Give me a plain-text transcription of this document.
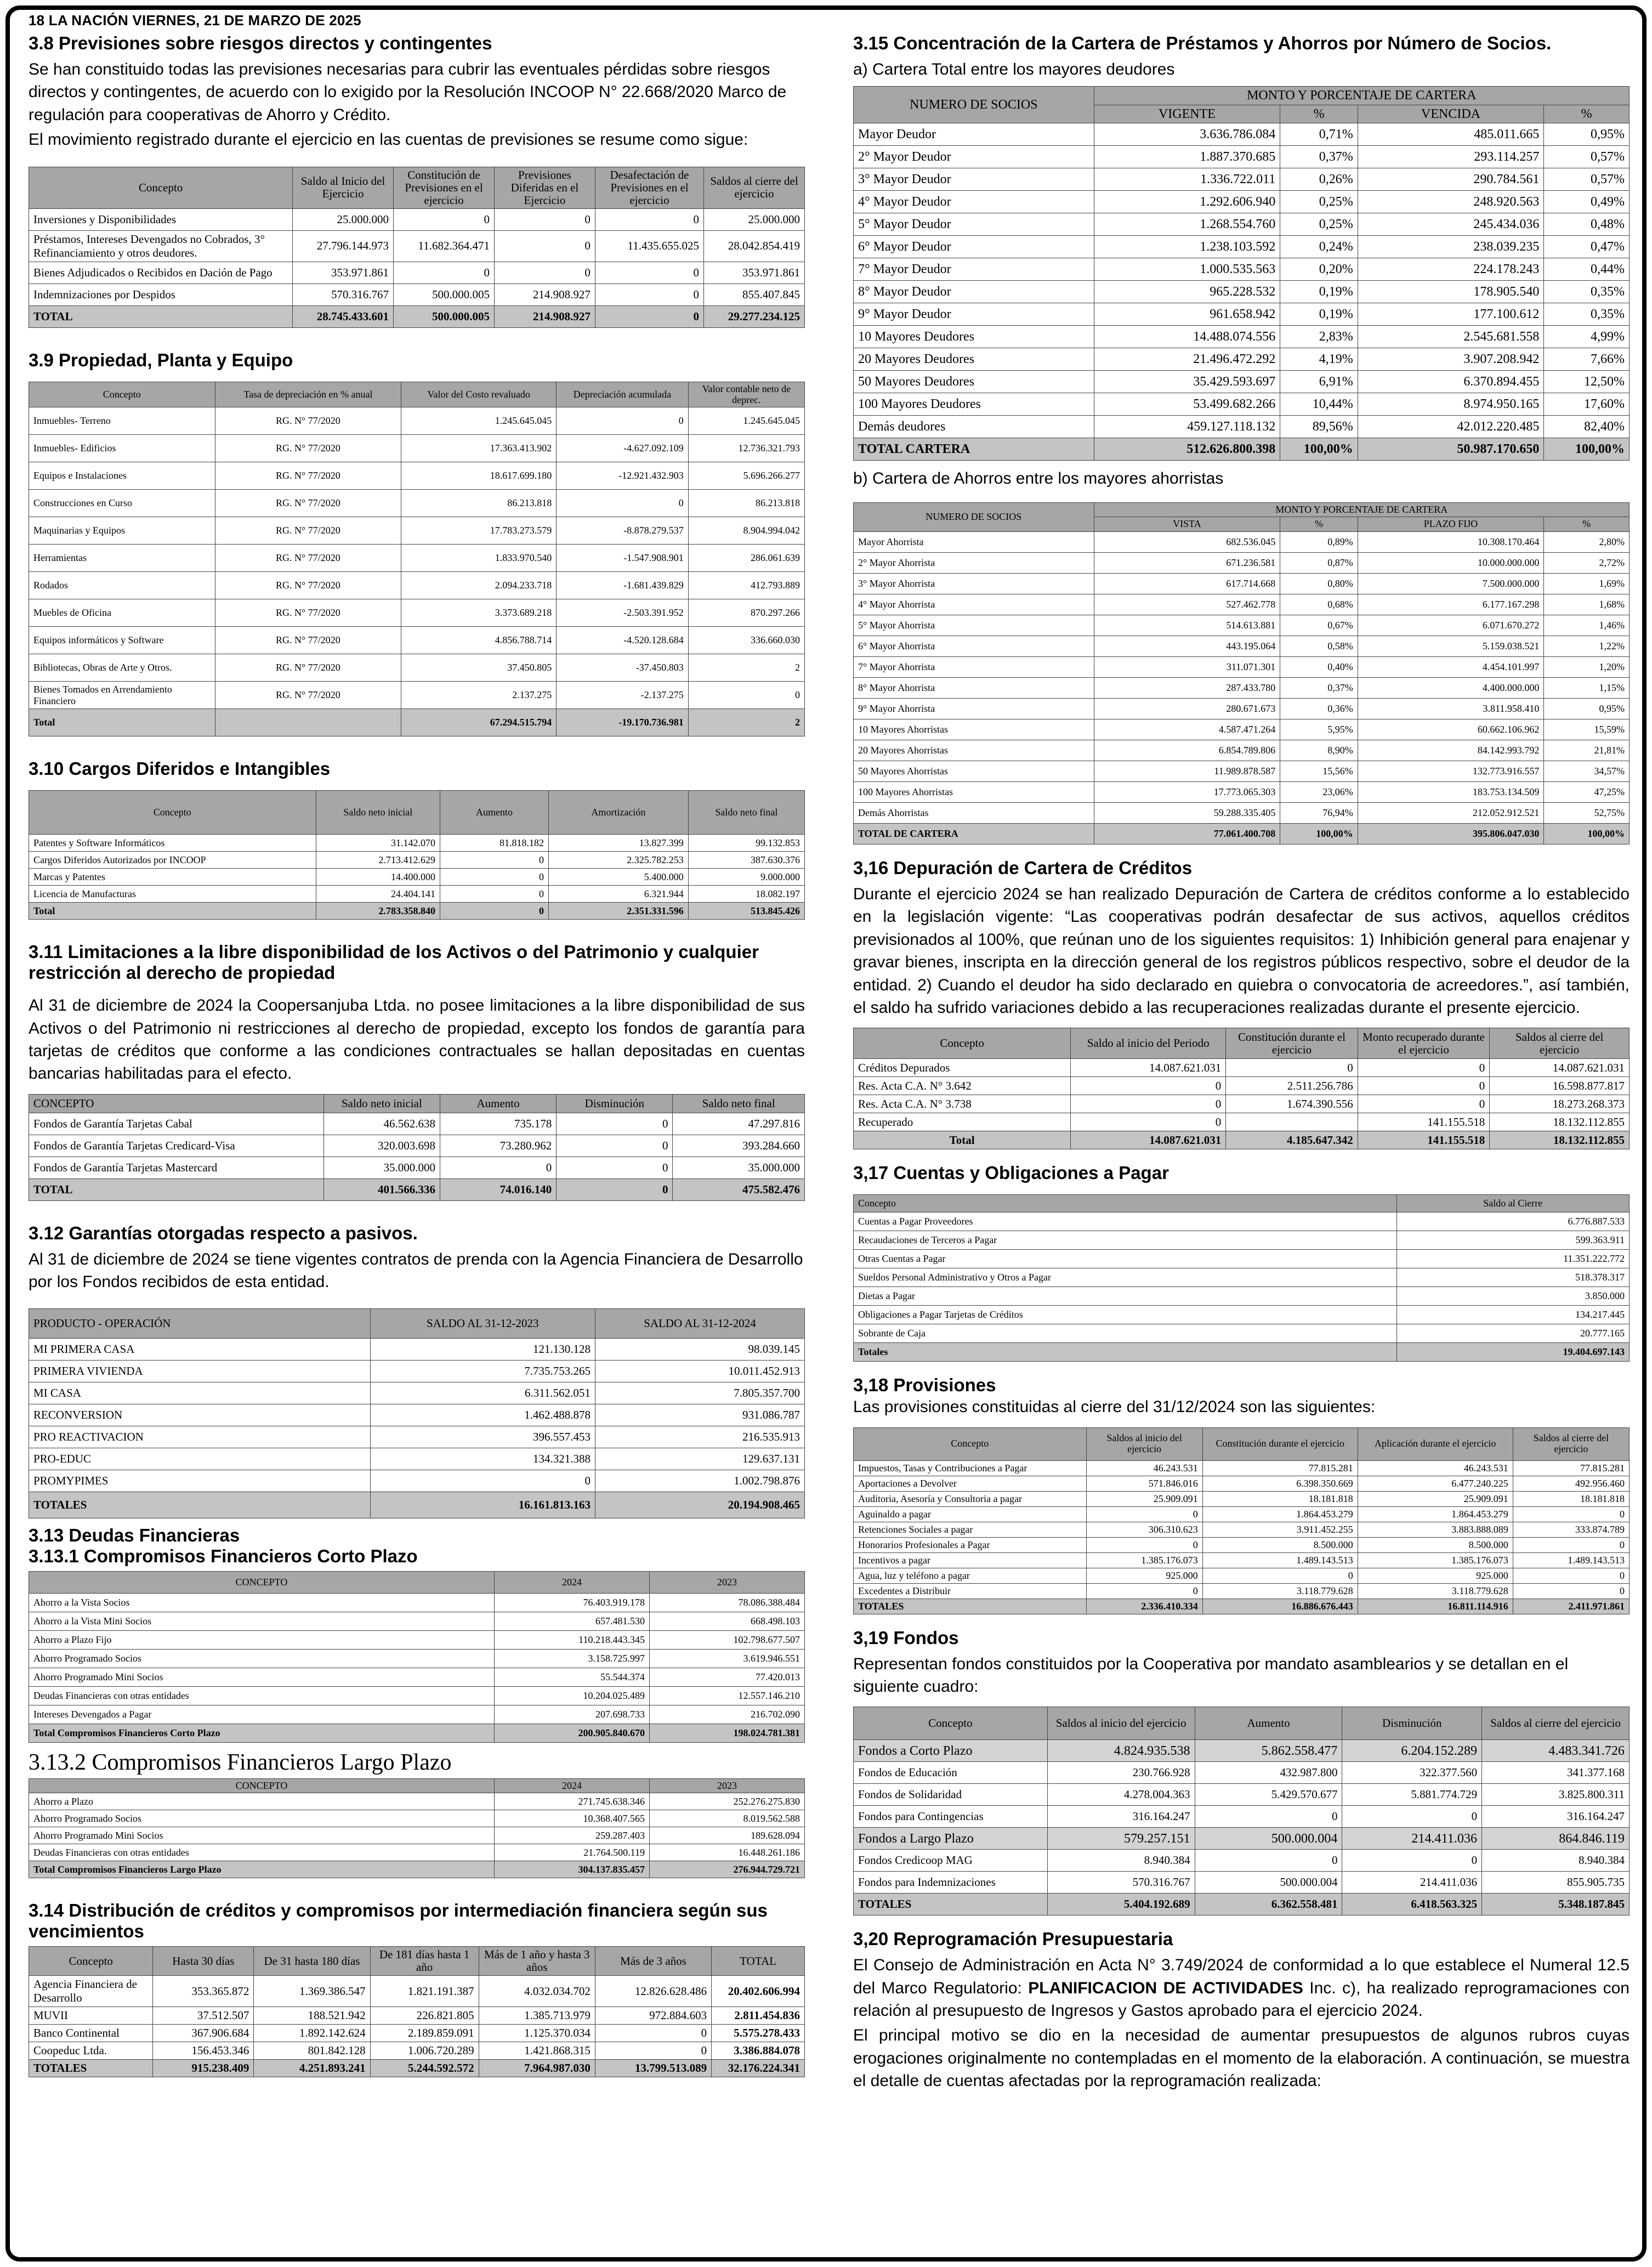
18 LA NACIÓN VIERNES, 21 DE MARZO DE 2025
3.8 Previsiones sobre riesgos directos y contingentes

Se han constituido todas las previsiones necesarias para cubrir las eventuales pérdidas sobre riesgos directos y contingentes, de acuerdo con lo exigido por la Resolución INCOOP N° 22.668/2020 Marco de regulación para cooperativas de Ahorro y Crédito.

El movimiento registrado durante el ejercicio en las cuentas de previsiones se resume como sigue:

Concepto	Saldo al Inicio del Ejercicio	Constitución de Previsiones en el ejercicio	Previsiones Diferidas en el Ejercicio	Desafectación de Previsiones en el ejercicio	Saldos al cierre del ejercicio
Inversiones y Disponibilidades	25.000.000	0	0	0	25.000.000
Préstamos, Intereses Devengados no Cobrados, 3° Refinanciamiento y otros deudores.	27.796.144.973	11.682.364.471	0	11.435.655.025	28.042.854.419
Bienes Adjudicados o Recibidos en Dación de Pago	353.971.861	0	0	0	353.971.861
Indemnizaciones por Despidos	570.316.767	500.000.005	214.908.927	0	855.407.845
TOTAL	28.745.433.601	500.000.005	214.908.927	0	29.277.234.125
3.9 Propiedad, Planta y Equipo
Concepto	Tasa de depreciación en % anual	Valor del Costo revaluado	Depreciación acumulada	Valor contable neto de deprec.
Inmuebles- Terreno	RG. N° 77/2020	1.245.645.045	0	1.245.645.045
Inmuebles- Edificios	RG. N° 77/2020	17.363.413.902	-4.627.092.109	12.736.321.793
Equipos e Instalaciones	RG. N° 77/2020	18.617.699.180	-12.921.432.903	5.696.266.277
Construcciones en Curso	RG. N° 77/2020	86.213.818	0	86.213.818
Maquinarias y Equipos	RG. N° 77/2020	17.783.273.579	-8.878.279.537	8.904.994.042
Herramientas	RG. N° 77/2020	1.833.970.540	-1.547.908.901	286.061.639
Rodados	RG. N° 77/2020	2.094.233.718	-1.681.439.829	412.793.889
Muebles de Oficina	RG. N° 77/2020	3.373.689.218	-2.503.391.952	870.297.266
Equipos informáticos y Software	RG. N° 77/2020	4.856.788.714	-4.520.128.684	336.660.030
Bibliotecas, Obras de Arte y Otros.	RG. N° 77/2020	37.450.805	-37.450.803	2
Bienes Tomados en Arrendamiento Financiero	RG. N° 77/2020	2.137.275	-2.137.275	0
Total		67.294.515.794	-19.170.736.981	2
3.10 Cargos Diferidos e Intangibles
Concepto	Saldo neto inicial	Aumento	Amortización	Saldo neto final
Patentes y Software Informáticos	31.142.070	81.818.182	13.827.399	99.132.853
Cargos Diferidos Autorizados por INCOOP	2.713.412.629	0	2.325.782.253	387.630.376
Marcas y Patentes	14.400.000	0	5.400.000	9.000.000
Licencia de Manufacturas	24.404.141	0	6.321.944	18.082.197
Total	2.783.358.840	0	2.351.331.596	513.845.426
3.11 Limitaciones a la libre disponibilidad de los Activos o del Patrimonio y cualquier restricción al derecho de propiedad

Al 31 de diciembre de 2024 la Coopersanjuba Ltda. no posee limitaciones a la libre disponibilidad de sus Activos o del Patrimonio ni restricciones al derecho de propiedad, excepto los fondos de garantía para tarjetas de créditos que conforme a las condiciones contractuales se hallan depositadas en cuentas bancarias habilitadas para el efecto.

CONCEPTO	Saldo neto inicial	Aumento	Disminución	Saldo neto final
Fondos de Garantía Tarjetas Cabal	46.562.638	735.178	0	47.297.816
Fondos de Garantía Tarjetas Credicard-Visa	320.003.698	73.280.962	0	393.284.660
Fondos de Garantía Tarjetas Mastercard	35.000.000	0	0	35.000.000
TOTAL	401.566.336	74.016.140	0	475.582.476
3.12 Garantías otorgadas respecto a pasivos.

Al 31 de diciembre de 2024 se tiene vigentes contratos de prenda con la Agencia Financiera de Desarrollo por los Fondos recibidos de esta entidad.

PRODUCTO - OPERACIÓN	SALDO AL 31-12-2023	SALDO AL 31-12-2024
MI PRIMERA CASA	121.130.128	98.039.145
PRIMERA VIVIENDA	7.735.753.265	10.011.452.913
MI CASA	6.311.562.051	7.805.357.700
RECONVERSION	1.462.488.878	931.086.787
PRO REACTIVACION	396.557.453	216.535.913
PRO-EDUC	134.321.388	129.637.131
PROMYPIMES	0	1.002.798.876
TOTALES	16.161.813.163	20.194.908.465
3.13 Deudas Financieras
3.13.1 Compromisos Financieros Corto Plazo
CONCEPTO	2024	2023
Ahorro a la Vista Socios	76.403.919.178	78.086.388.484
Ahorro a la Vista Mini Socios	657.481.530	668.498.103
Ahorro a Plazo Fijo	110.218.443.345	102.798.677.507
Ahorro Programado Socios	3.158.725.997	3.619.946.551
Ahorro Programado Mini Socios	55.544.374	77.420.013
Deudas Financieras con otras entidades	10.204.025.489	12.557.146.210
Intereses Devengados a Pagar	207.698.733	216.702.090
Total Compromisos Financieros Corto Plazo	200.905.840.670	198.024.781.381
3.13.2 Compromisos Financieros Largo Plazo
CONCEPTO	2024	2023
Ahorro a Plazo	271.745.638.346	252.276.275.830
Ahorro Programado Socios	10.368.407.565	8.019.562.588
Ahorro Programado Mini Socios	259.287.403	189.628.094
Deudas Financieras con otras entidades	21.764.500.119	16.448.261.186
Total Compromisos Financieros Largo Plazo	304.137.835.457	276.944.729.721
3.14 Distribución de créditos y compromisos por intermediación financiera según sus vencimientos
Concepto	Hasta 30 días	De 31 hasta 180 días	De 181 días hasta 1 año	Más de 1 año y hasta 3 años	Más de 3 años	TOTAL
Agencia Financiera de Desarrollo	353.365.872	1.369.386.547	1.821.191.387	4.032.034.702	12.826.628.486	20.402.606.994
MUVII	37.512.507	188.521.942	226.821.805	1.385.713.979	972.884.603	2.811.454.836
Banco Continental	367.906.684	1.892.142.624	2.189.859.091	1.125.370.034	0	5.575.278.433
Coopeduc Ltda.	156.453.346	801.842.128	1.006.720.289	1.421.868.315	0	3.386.884.078
TOTALES	915.238.409	4.251.893.241	5.244.592.572	7.964.987.030	13.799.513.089	32.176.224.341
3.15 Concentración de la Cartera de Préstamos y Ahorros por Número de Socios.

a) Cartera Total entre los mayores deudores

NUMERO DE SOCIOS	MONTO Y PORCENTAJE DE CARTERA			
	VIGENTE	%	VENCIDA	%
Mayor Deudor	3.636.786.084	0,71%	485.011.665	0,95%
2° Mayor Deudor	1.887.370.685	0,37%	293.114.257	0,57%
3° Mayor Deudor	1.336.722.011	0,26%	290.784.561	0,57%
4° Mayor Deudor	1.292.606.940	0,25%	248.920.563	0,49%
5° Mayor Deudor	1.268.554.760	0,25%	245.434.036	0,48%
6° Mayor Deudor	1.238.103.592	0,24%	238.039.235	0,47%
7° Mayor Deudor	1.000.535.563	0,20%	224.178.243	0,44%
8° Mayor Deudor	965.228.532	0,19%	178.905.540	0,35%
9° Mayor Deudor	961.658.942	0,19%	177.100.612	0,35%
10 Mayores Deudores	14.488.074.556	2,83%	2.545.681.558	4,99%
20 Mayores Deudores	21.496.472.292	4,19%	3.907.208.942	7,66%
50 Mayores Deudores	35.429.593.697	6,91%	6.370.894.455	12,50%
100 Mayores Deudores	53.499.682.266	10,44%	8.974.950.165	17,60%
Demás deudores	459.127.118.132	89,56%	42.012.220.485	82,40%
TOTAL CARTERA	512.626.800.398	100,00%	50.987.170.650	100,00%

b) Cartera de Ahorros entre los mayores ahorristas

NUMERO DE SOCIOS	MONTO Y PORCENTAJE DE CARTERA			
	VISTA	%	PLAZO FIJO	%
Mayor Ahorrista	682.536.045	0,89%	10.308.170.464	2,80%
2° Mayor Ahorrista	671.236.581	0,87%	10.000.000.000	2,72%
3° Mayor Ahorrista	617.714.668	0,80%	7.500.000.000	1,69%
4° Mayor Ahorrista	527.462.778	0,68%	6.177.167.298	1,68%
5° Mayor Ahorrista	514.613.881	0,67%	6.071.670.272	1,46%
6° Mayor Ahorrista	443.195.064	0,58%	5.159.038.521	1,22%
7° Mayor Ahorrista	311.071.301	0,40%	4.454.101.997	1,20%
8° Mayor Ahorrista	287.433.780	0,37%	4.400.000.000	1,15%
9° Mayor Ahorrista	280.671.673	0,36%	3.811.958.410	0,95%
10 Mayores Ahorristas	4.587.471.264	5,95%	60.662.106.962	15,59%
20 Mayores Ahorristas	6.854.789.806	8,90%	84.142.993.792	21,81%
50 Mayores Ahorristas	11.989.878.587	15,56%	132.773.916.557	34,57%
100 Mayores Ahorristas	17.773.065.303	23,06%	183.753.134.509	47,25%
Demás Ahorristas	59.288.335.405	76,94%	212.052.912.521	52,75%
TOTAL DE CARTERA	77.061.400.708	100,00%	395.806.047.030	100,00%
3,16 Depuración de Cartera de Créditos

Durante el ejercicio 2024 se han realizado Depuración de Cartera de créditos conforme a lo establecido en la legislación vigente: “Las cooperativas podrán desafectar de sus activos, aquellos créditos previsionados al 100%, que reúnan uno de los siguientes requisitos: 1) Inhibición general para enajenar y gravar bienes, inscripta en la dirección general de los registros públicos respectivo, sobre el deudor de la entidad. 2) Cuando el deudor ha sido declarado en quiebra o convocatoria de acreedores.”, así también, el saldo ha sufrido variaciones debido a las recuperaciones realizadas durante el presente ejercicio.

Concepto	Saldo al inicio del Periodo	Constitución durante el ejercicio	Monto recuperado durante el ejercicio	Saldos al cierre del ejercicio
Créditos Depurados	14.087.621.031	0	0	14.087.621.031
Res. Acta C.A. N° 3.642	0	2.511.256.786	0	16.598.877.817
Res. Acta C.A. N° 3.738	0	1.674.390.556	0	18.273.268.373
Recuperado	0		141.155.518	18.132.112.855
Total	14.087.621.031	4.185.647.342	141.155.518	18.132.112.855
3,17 Cuentas y Obligaciones a Pagar
Concepto	Saldo al Cierre
Cuentas a Pagar Proveedores	6.776.887.533
Recaudaciones de Terceros a Pagar	599.363.911
Otras Cuentas a Pagar	11.351.222.772
Sueldos Personal Administrativo y Otros a Pagar	518.378.317
Dietas a Pagar	3.850.000
Obligaciones a Pagar Tarjetas de Créditos	134.217.445
Sobrante de Caja	20.777.165
Totales	19.404.697.143
3,18 Provisiones

Las provisiones constituidas al cierre del 31/12/2024 son las siguientes:

Concepto	Saldos al inicio del ejercicio	Constitución durante el ejercicio	Aplicación durante el ejercicio	Saldos al cierre del ejercicio
Impuestos, Tasas y Contribuciones a Pagar	46.243.531	77.815.281	46.243.531	77.815.281
Aportaciones a Devolver	571.846.016	6.398.350.669	6.477.240.225	492.956.460
Auditoria, Asesoría y Consultoria a pagar	25.909.091	18.181.818	25.909.091	18.181.818
Aguinaldo a pagar	0	1.864.453.279	1.864.453.279	0
Retenciones Sociales a pagar	306.310.623	3.911.452.255	3.883.888.089	333.874.789
Honorarios Profesionales a Pagar	0	8.500.000	8.500.000	0
Incentivos a pagar	1.385.176.073	1.489.143.513	1.385.176.073	1.489.143.513
Agua, luz y teléfono a pagar	925.000	0	925.000	0
Excedentes a Distribuir	0	3.118.779.628	3.118.779.628	0
TOTALES	2.336.410.334	16.886.676.443	16.811.114.916	2.411.971.861
3,19 Fondos

Representan fondos constituidos por la Cooperativa por mandato asamblearios y se detallan en el siguiente cuadro:

Concepto	Saldos al inicio del ejercicio	Aumento	Disminución	Saldos al cierre del ejercicio
Fondos a Corto Plazo	4.824.935.538	5.862.558.477	6.204.152.289	4.483.341.726
Fondos de Educación	230.766.928	432.987.800	322.377.560	341.377.168
Fondos de Solidaridad	4.278.004.363	5.429.570.677	5.881.774.729	3.825.800.311
Fondos para Contingencias	316.164.247	0	0	316.164.247
Fondos a Largo Plazo	579.257.151	500.000.004	214.411.036	864.846.119
Fondos Credicoop MAG	8.940.384	0	0	8.940.384
Fondos para Indemnizaciones	570.316.767	500.000.004	214.411.036	855.905.735
TOTALES	5.404.192.689	6.362.558.481	6.418.563.325	5.348.187.845
3,20 Reprogramación Presupuestaria

El Consejo de Administración en Acta N° 3.749/2024 de conformidad a lo que establece el Numeral 12.5 del Marco Regulatorio: PLANIFICACION DE ACTIVIDADES Inc. c), ha realizado reprogramaciones con relación al presupuesto de Ingresos y Gastos aprobado para el ejercicio 2024.

El principal motivo se dio en la necesidad de aumentar presupuestos de algunos rubros cuyas erogaciones originalmente no contempladas en el momento de la elaboración. A continuación, se muestra el detalle de cuentas afectadas por la reprogramación realizada:
